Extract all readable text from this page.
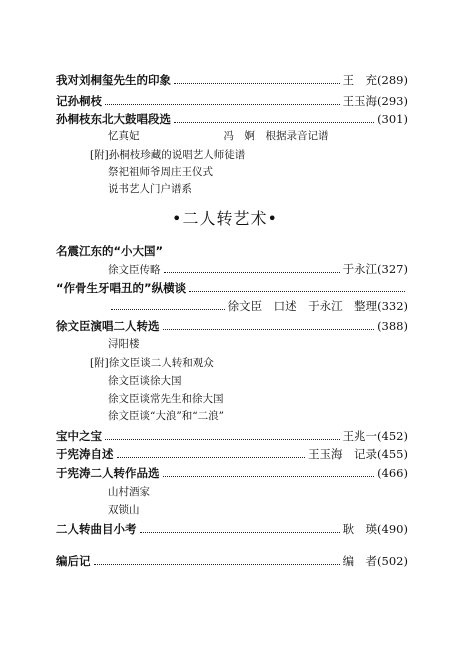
我对刘桐玺先生的印象	王　充(289)
记孙桐枝	王玉海(293)
孙桐枝东北大鼓唱段选	(301)
忆真妃　　　　　　　　冯　婀　根据录音记谱
[附]孙桐枝珍藏的说唱艺人师徒谱
祭祀祖师爷周庄王仪式
说书艺人门户谱系
•二人转艺术•
名震江东的“小大国”
徐文臣传略	于永江(327)
“作骨生牙唱丑的”纵横谈
徐文臣　口述　于永江　整理(332)
徐文臣演唱二人转选	(388)
浔阳楼
[附]徐文臣谈二人转和观众
徐文臣谈徐大国
徐文臣谈常先生和徐大国
徐文臣谈“大浪”和“二浪”
宝中之宝	王兆一(452)
于宪涛自述	王玉海　记录(455)
于宪涛二人转作品选	(466)
山村酒家
双锁山
二人转曲目小考	耿　瑛(490)
编后记	编　者(502)
